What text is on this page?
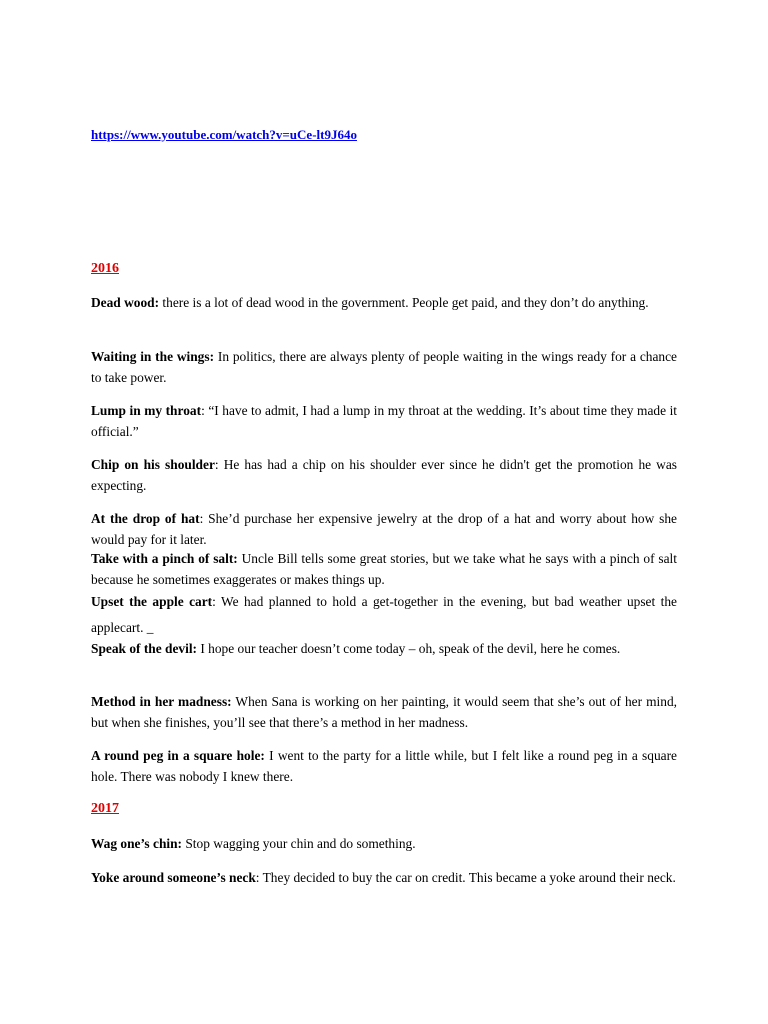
https://www.youtube.com/watch?v=uCe-lt9J64o
2016
Dead wood: there is a lot of dead wood in the government. People get paid, and they don’t do anything.
Waiting in the wings: In politics, there are always plenty of people waiting in the wings ready for a chance to take power.
Lump in my throat: “I have to admit, I had a lump in my throat at the wedding. It’s about time they made it official.”
Chip on his shoulder: He has had a chip on his shoulder ever since he didn't get the promotion he was expecting.
At the drop of hat: She’d purchase her expensive jewelry at the drop of a hat and worry about how she would pay for it later.
Take with a pinch of salt: Uncle Bill tells some great stories, but we take what he says with a pinch of salt because he sometimes exaggerates or makes things up.
Upset the apple cart: We had planned to hold a get-together in the evening, but bad weather upset the applecart. _
Speak of the devil: I hope our teacher doesn’t come today – oh, speak of the devil, here he comes.
Method in her madness: When Sana is working on her painting, it would seem that she’s out of her mind, but when she finishes, you’ll see that there’s a method in her madness.
A round peg in a square hole: I went to the party for a little while, but I felt like a round peg in a square hole. There was nobody I knew there.
2017
Wag one’s chin: Stop wagging your chin and do something.
Yoke around someone’s neck: They decided to buy the car on credit. This became a yoke around their neck.
